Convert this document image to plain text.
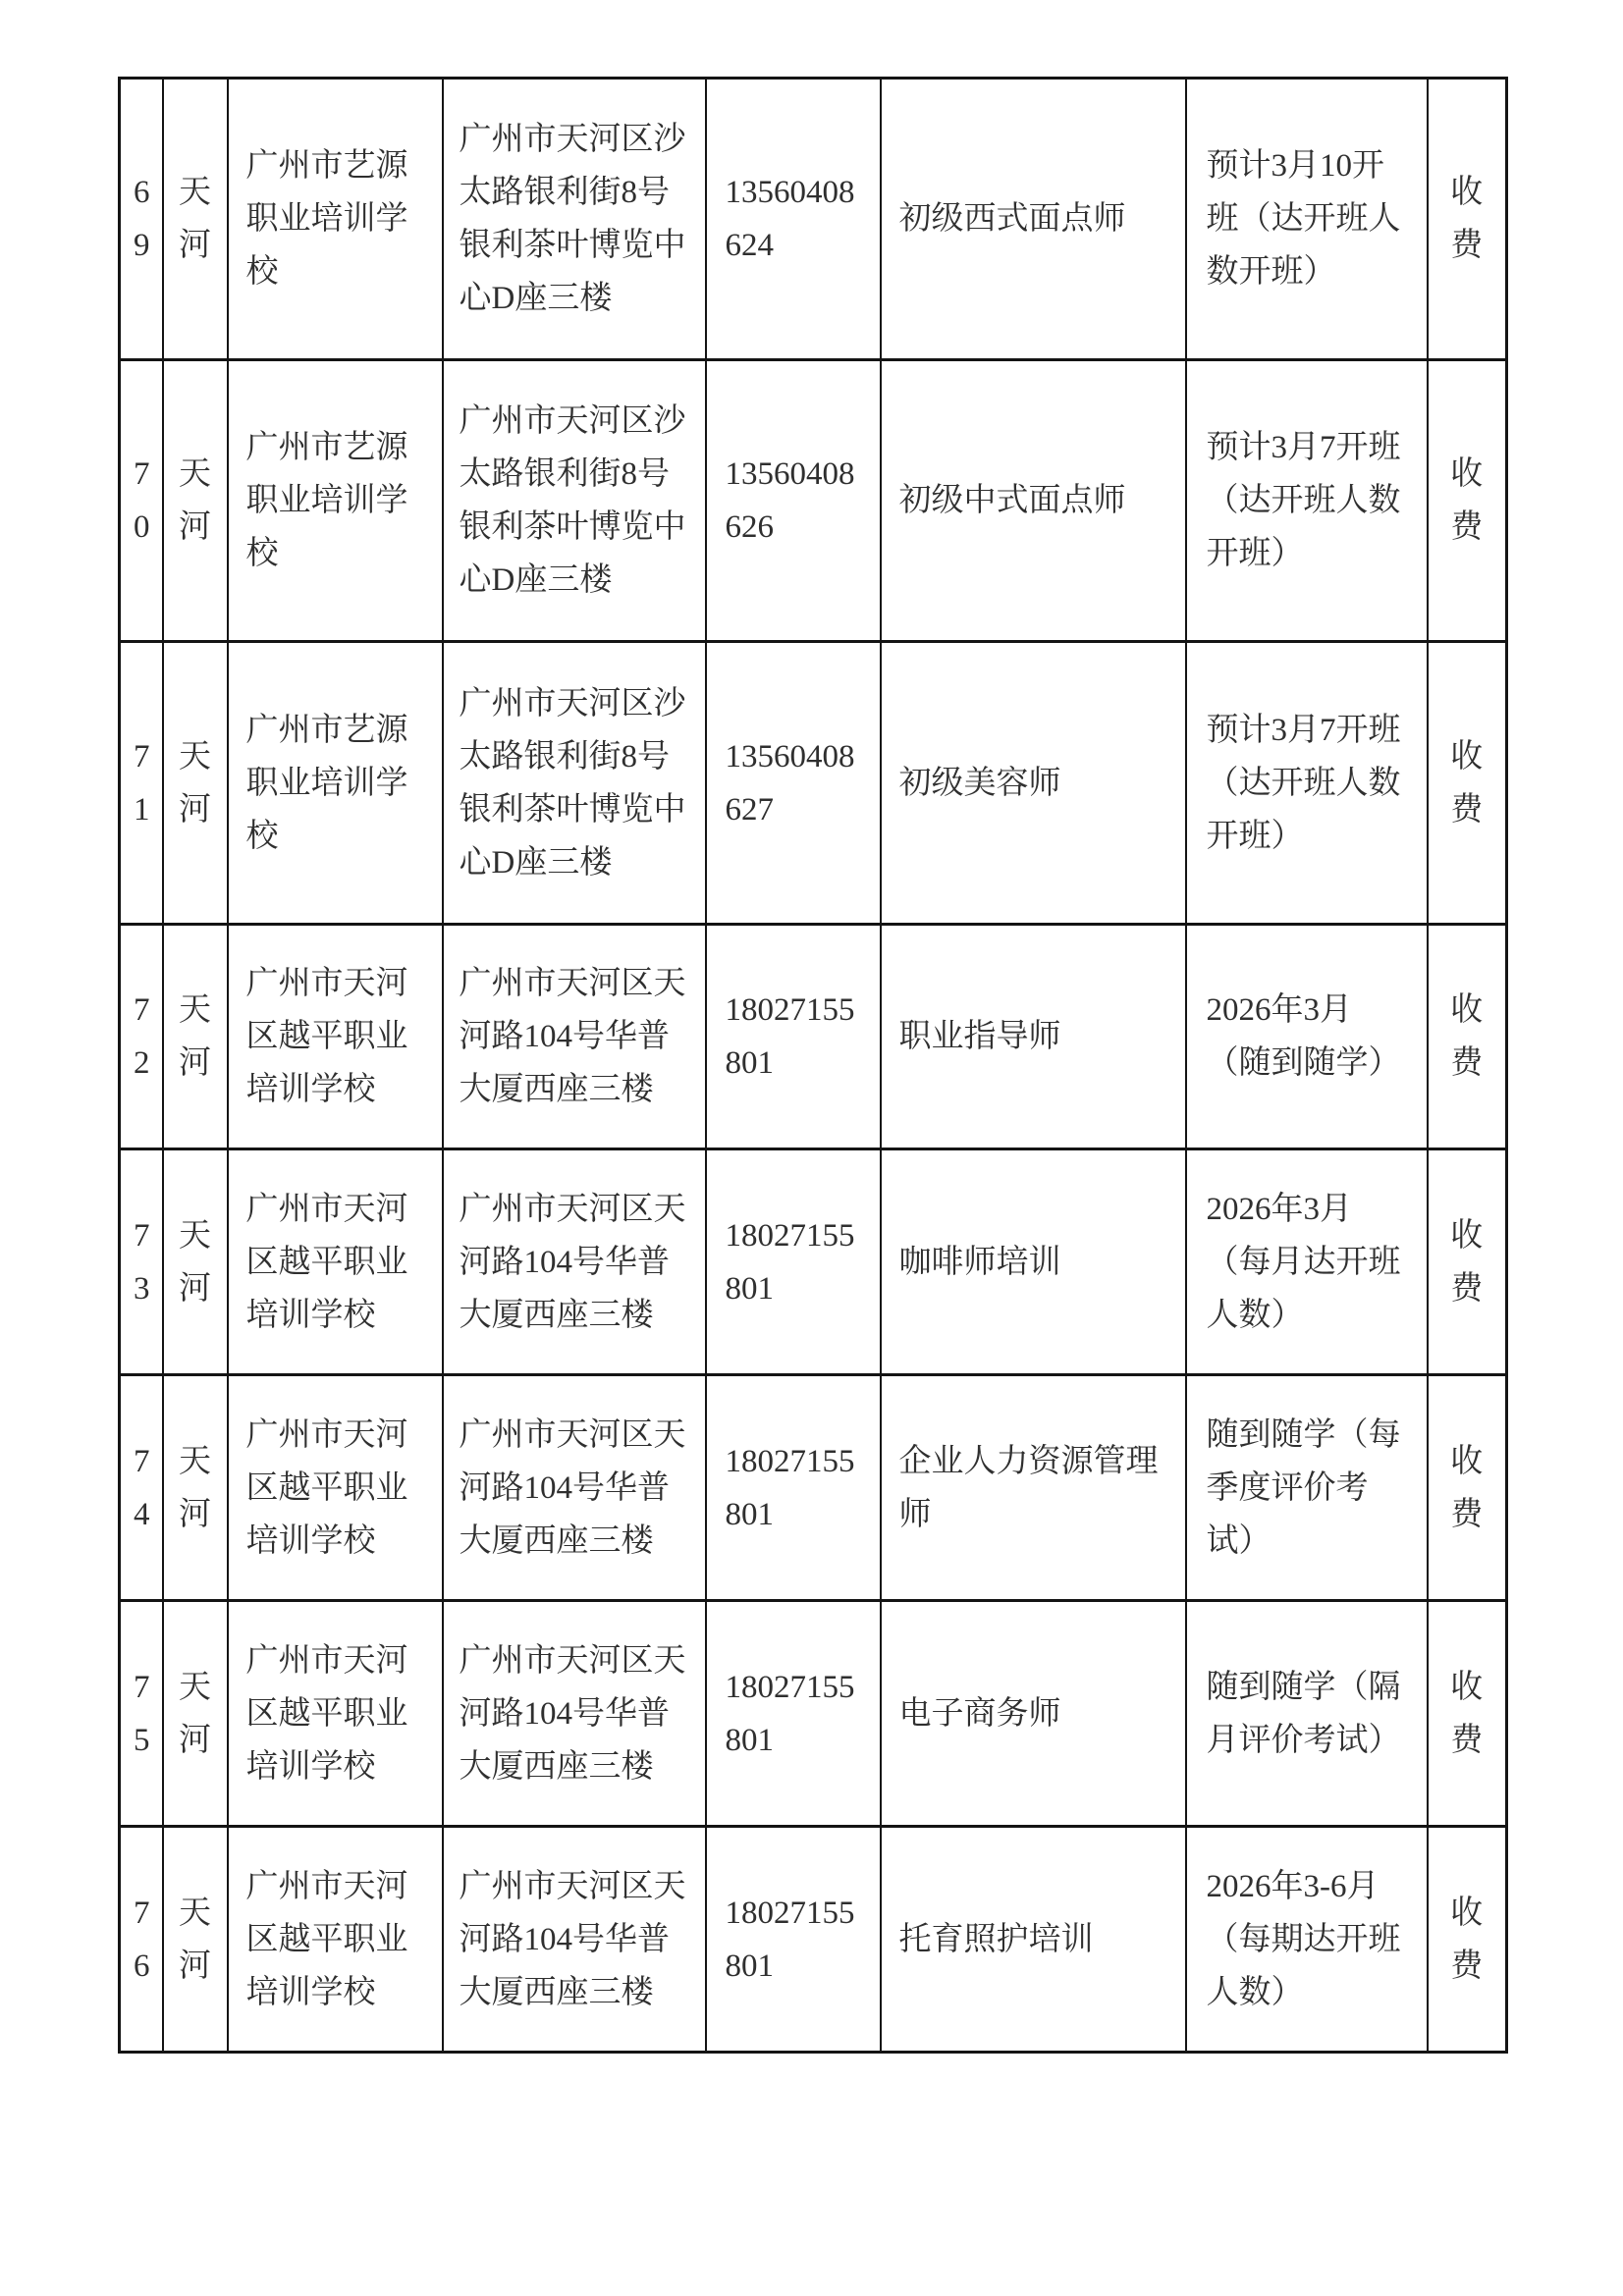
69	天河	广州市艺源职业培训学校	广州市天河区沙太路银利街8号银利茶叶博览中心D座三楼	13560408624	初级西式面点师	预计3月10开班（达开班人数开班）	收费
70	天河	广州市艺源职业培训学校	广州市天河区沙太路银利街8号银利茶叶博览中心D座三楼	13560408626	初级中式面点师	预计3月7开班（达开班人数开班）	收费
71	天河	广州市艺源职业培训学校	广州市天河区沙太路银利街8号银利茶叶博览中心D座三楼	13560408627	初级美容师	预计3月7开班（达开班人数开班）	收费
72	天河	广州市天河区越平职业培训学校	广州市天河区天河路104号华普大厦西座三楼	18027155801	职业指导师	2026年3月（随到随学）	收费
73	天河	广州市天河区越平职业培训学校	广州市天河区天河路104号华普大厦西座三楼	18027155801	咖啡师培训	2026年3月（每月达开班人数）	收费
74	天河	广州市天河区越平职业培训学校	广州市天河区天河路104号华普大厦西座三楼	18027155801	企业人力资源管理师	随到随学（每季度评价考试）	收费
75	天河	广州市天河区越平职业培训学校	广州市天河区天河路104号华普大厦西座三楼	18027155801	电子商务师	随到随学（隔月评价考试）	收费
76	天河	广州市天河区越平职业培训学校	广州市天河区天河路104号华普大厦西座三楼	18027155801	托育照护培训	2026年3-6月（每期达开班人数）	收费
